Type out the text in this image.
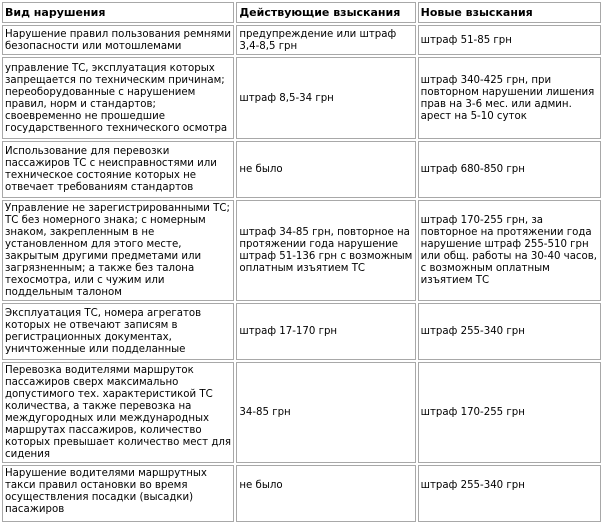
Вид нарушения	Действующие взыскания	Новые взыскания
Нарушение правил пользования ремнями безопасности или мотошлемами	предупреждение или штраф 3,4-8,5 грн	штраф 51-85 грн
управление ТС, эксплуатация которых запрещается по техническим причинам; переоборудованные с нарушением правил, норм и стандартов; своевременно не прошедшие государственного технического осмотра	штраф 8,5-34 грн	штраф 340-425 грн, при повторном нарушении лишения прав на 3-6 мес. или админ. арест на 5-10 суток
Использование для перевозки пассажиров ТС с неисправностями или техническое состояние которых не отвечает требованиям стандартов	не было	штраф 680-850 грн
Управление не зарегистрированными ТС; ТС без номерного знака; с номерным знаком, закрепленным в не установленном для этого месте, закрытым другими предметами или загрязненным; а также без талона техосмотра, или с чужим или поддельным талоном	штраф 34-85 грн, повторное на протяжении года нарушение штраф 51-136 грн с возможным оплатным изъятием ТС	штраф 170-255 грн, за повторное на протяжении года нарушение штраф 255-510 грн или общ. работы на 30-40 часов, с возможным оплатным изъятием ТС
Эксплуатация ТС, номера агрегатов которых не отвечают записям в регистрационных документах, уничтоженные или подделанные	штраф 17-170 грн	штраф 255-340 грн
Перевозка водителями маршруток пассажиров сверх максимально допустимого тех. характеристикой ТС количества, а также перевозка на междугородных или международных маршрутах пассажиров, количество которых превышает количество мест для сидения	34-85 грн	штраф 170-255 грн
Нарушение водителями маршрутных такси правил остановки во время осуществления посадки (высадки) пасажиров	не было	штраф 255-340 грн
